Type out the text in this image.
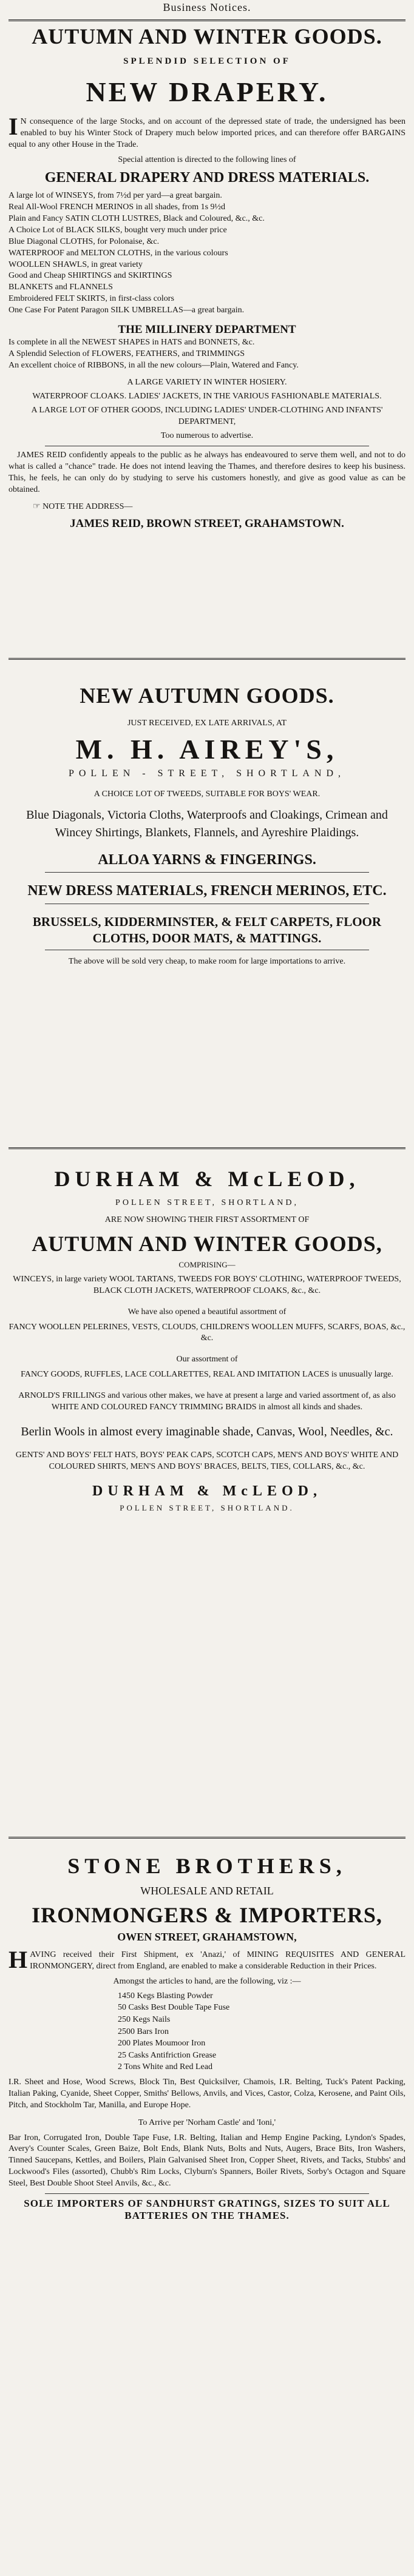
Business Notices.
AUTUMN AND WINTER GOODS.
SPLENDID SELECTION OF
NEW DRAPERY.
I N consequence of the large Stocks, and on account of the depressed state of trade, the undersigned has been enabled to buy his Winter Stock of Drapery much below imported prices, and can therefore offer BARGAINS equal to any other House in the Trade.
Special attention is directed to the following lines of
GENERAL DRAPERY AND DRESS MATERIALS.

A large lot of WINSEYS, from 7½d per yard—a great bargain.

Real All-Wool FRENCH MERINOS in all shades, from 1s 9½d

Plain and Fancy SATIN CLOTH LUSTRES, Black and Coloured, &c., &c.

A Choice Lot of BLACK SILKS, bought very much under price

Blue Diagonal CLOTHS, for Polonaise, &c.

WATERPROOF and MELTON CLOTHS, in the various colours

WOOLLEN SHAWLS, in great variety

Good and Cheap SHIRTINGS and SKIRTINGS

BLANKETS and FLANNELS

Embroidered FELT SKIRTS, in first-class colors

One Case For Patent Paragon SILK UMBRELLAS—a great bargain.

THE MILLINERY DEPARTMENT

Is complete in all the NEWEST SHAPES in HATS and BONNETS, &c.

A Splendid Selection of FLOWERS, FEATHERS, and TRIMMINGS

An excellent choice of RIBBONS, in all the new colours—Plain, Watered and Fancy.

A LARGE VARIETY IN WINTER HOSIERY.

WATERPROOF CLOAKS. LADIES' JACKETS, IN THE VARIOUS FASHIONABLE MATERIALS.

A LARGE LOT OF OTHER GOODS, INCLUDING LADIES' UNDER-CLOTHING AND INFANTS' DEPARTMENT,

Too numerous to advertise.

JAMES REID confidently appeals to the public as he always has endeavoured to serve them well, and not to do what is called a "chance" trade. He does not intend leaving the Thames, and therefore desires to keep his business. This, he feels, he can only do by studying to serve his customers honestly, and give as good value as can be obtained.
☞ NOTE THE ADDRESS—
JAMES REID, BROWN STREET, GRAHAMSTOWN.
NEW AUTUMN GOODS.
JUST RECEIVED, EX LATE ARRIVALS, AT
M. H. AIREY'S,
POLLEN - STREET, SHORTLAND,
A CHOICE LOT OF TWEEDS, SUITABLE FOR BOYS' WEAR.
Blue Diagonals, Victoria Cloths, Waterproofs and Cloakings, Crimean and Wincey Shirtings, Blankets, Flannels, and Ayreshire Plaidings.
ALLOA YARNS & FINGERINGS.
NEW DRESS MATERIALS, FRENCH MERINOS, ETC.
BRUSSELS, KIDDERMINSTER, & FELT CARPETS, FLOOR CLOTHS, DOOR MATS, & MATTINGS.
The above will be sold very cheap, to make room for large importations to arrive.
DURHAM & McLEOD,
POLLEN STREET, SHORTLAND,
ARE NOW SHOWING THEIR FIRST ASSORTMENT OF
AUTUMN AND WINTER GOODS,
COMPRISING—
WINCEYS, in large variety WOOL TARTANS, TWEEDS FOR BOYS' CLOTHING, WATERPROOF TWEEDS, BLACK CLOTH JACKETS, WATERPROOF CLOAKS, &c., &c.
We have also opened a beautiful assortment of
FANCY WOOLLEN PELERINES, VESTS, CLOUDS, CHILDREN'S WOOLLEN MUFFS, SCARFS, BOAS, &c., &c.
Our assortment of
FANCY GOODS, RUFFLES, LACE COLLARETTES, REAL AND IMITATION LACES is unusually large.
ARNOLD'S FRILLINGS and various other makes, we have at present a large and varied assortment of, as also WHITE AND COLOURED FANCY TRIMMING BRAIDS in almost all kinds and shades.
Berlin Wools in almost every imaginable shade, Canvas, Wool, Needles, &c.
GENTS' AND BOYS' FELT HATS, BOYS' PEAK CAPS, SCOTCH CAPS, MEN'S AND BOYS' WHITE AND COLOURED SHIRTS, MEN'S AND BOYS' BRACES, BELTS, TIES, COLLARS, &c., &c.
DURHAM & McLEOD,
POLLEN STREET, SHORTLAND.
STONE BROTHERS,
WHOLESALE AND RETAIL
IRONMONGERS & IMPORTERS,
OWEN STREET, GRAHAMSTOWN,
H AVING received their First Shipment, ex 'Anazi,' of MINING REQUISITES AND GENERAL IRONMONGERY, direct from England, are enabled to make a considerable Reduction in their Prices.
Amongst the articles to hand, are the following, viz :—

1450 Kegs Blasting Powder

50 Casks Best Double Tape Fuse

250 Kegs Nails

2500 Bars Iron

200 Plates Moumoor Iron

25 Casks Antifriction Grease

2 Tons White and Red Lead

I.R. Sheet and Hose, Wood Screws, Block Tin, Best Quicksilver, Chamois, I.R. Belting, Tuck's Patent Packing, Italian Paking, Cyanide, Sheet Copper, Smiths' Bellows, Anvils, and Vices, Castor, Colza, Kerosene, and Paint Oils, Pitch, and Stockholm Tar, Manilla, and Europe Hope.
To Arrive per 'Norham Castle' and 'Ioni,'
Bar Iron, Corrugated Iron, Double Tape Fuse, I.R. Belting, Italian and Hemp Engine Packing, Lyndon's Spades, Avery's Counter Scales, Green Baize, Bolt Ends, Blank Nuts, Bolts and Nuts, Augers, Brace Bits, Iron Washers, Tinned Saucepans, Kettles, and Boilers, Plain Galvanised Sheet Iron, Copper Sheet, Rivets, and Tacks, Stubbs' and Lockwood's Files (assorted), Chubb's Rim Locks, Clyburn's Spanners, Boiler Rivets, Sorby's Octagon and Square Steel, Best Double Shoot Steel Anvils, &c., &c.
SOLE IMPORTERS OF SANDHURST GRATINGS, SIZES TO SUIT ALL BATTERIES ON THE THAMES.
